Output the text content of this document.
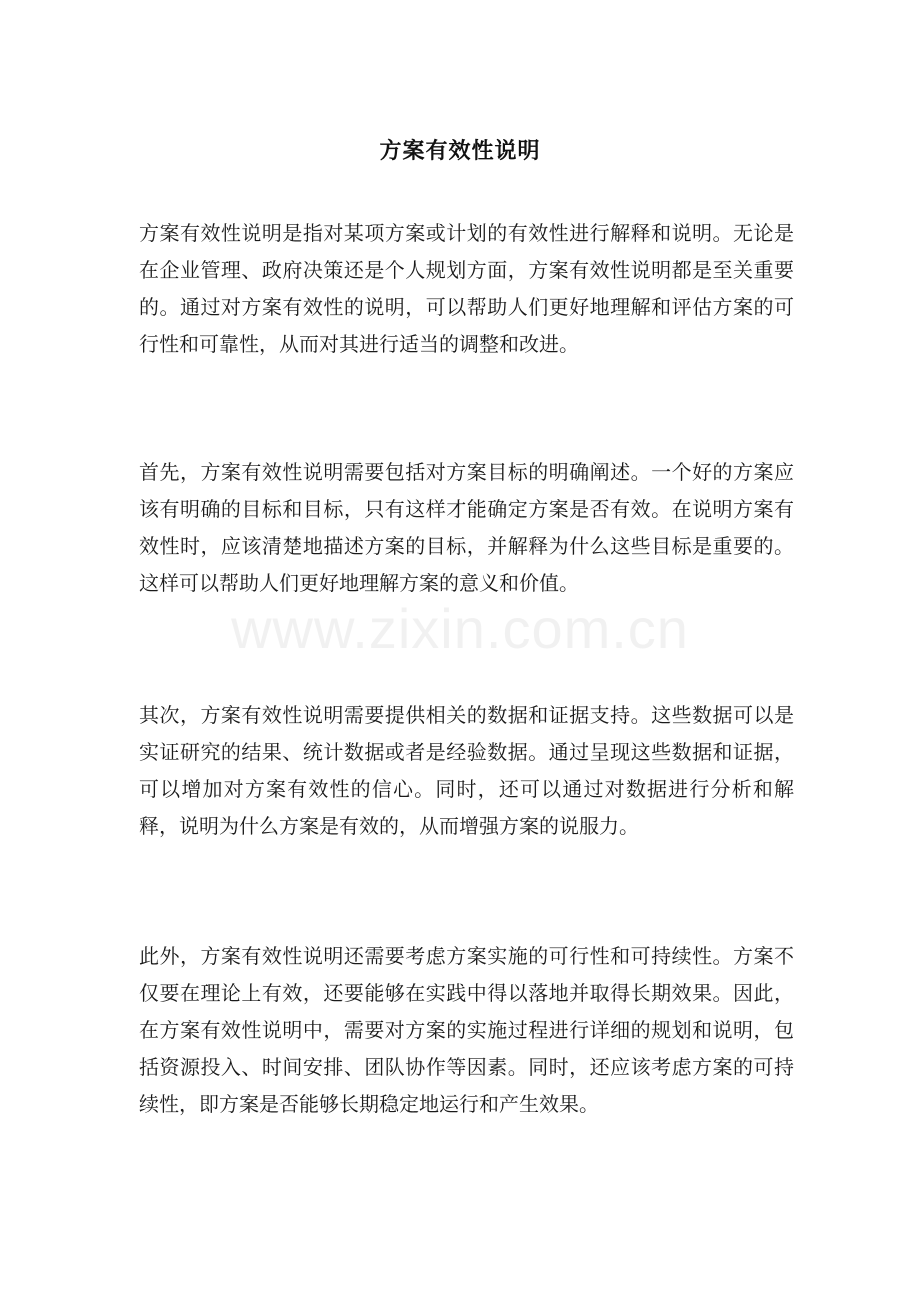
www.zixin.com.cn
方案有效性说明

方案有效性说明是指对某项方案或计划的有效性进行解释和说明。无论是在企业管理、政府决策还是个人规划方面，方案有效性说明都是至关重要的。通过对方案有效性的说明，可以帮助人们更好地理解和评估方案的可行性和可靠性，从而对其进行适当的调整和改进。

首先，方案有效性说明需要包括对方案目标的明确阐述。一个好的方案应该有明确的目标和目标，只有这样才能确定方案是否有效。在说明方案有效性时，应该清楚地描述方案的目标，并解释为什么这些目标是重要的。这样可以帮助人们更好地理解方案的意义和价值。

其次，方案有效性说明需要提供相关的数据和证据支持。这些数据可以是实证研究的结果、统计数据或者是经验数据。通过呈现这些数据和证据，可以增加对方案有效性的信心。同时，还可以通过对数据进行分析和解释，说明为什么方案是有效的，从而增强方案的说服力。

此外，方案有效性说明还需要考虑方案实施的可行性和可持续性。方案不仅要在理论上有效，还要能够在实践中得以落地并取得长期效果。因此，在方案有效性说明中，需要对方案的实施过程进行详细的规划和说明，包括资源投入、时间安排、团队协作等因素。同时，还应该考虑方案的可持续性，即方案是否能够长期稳定地运行和产生效果。
